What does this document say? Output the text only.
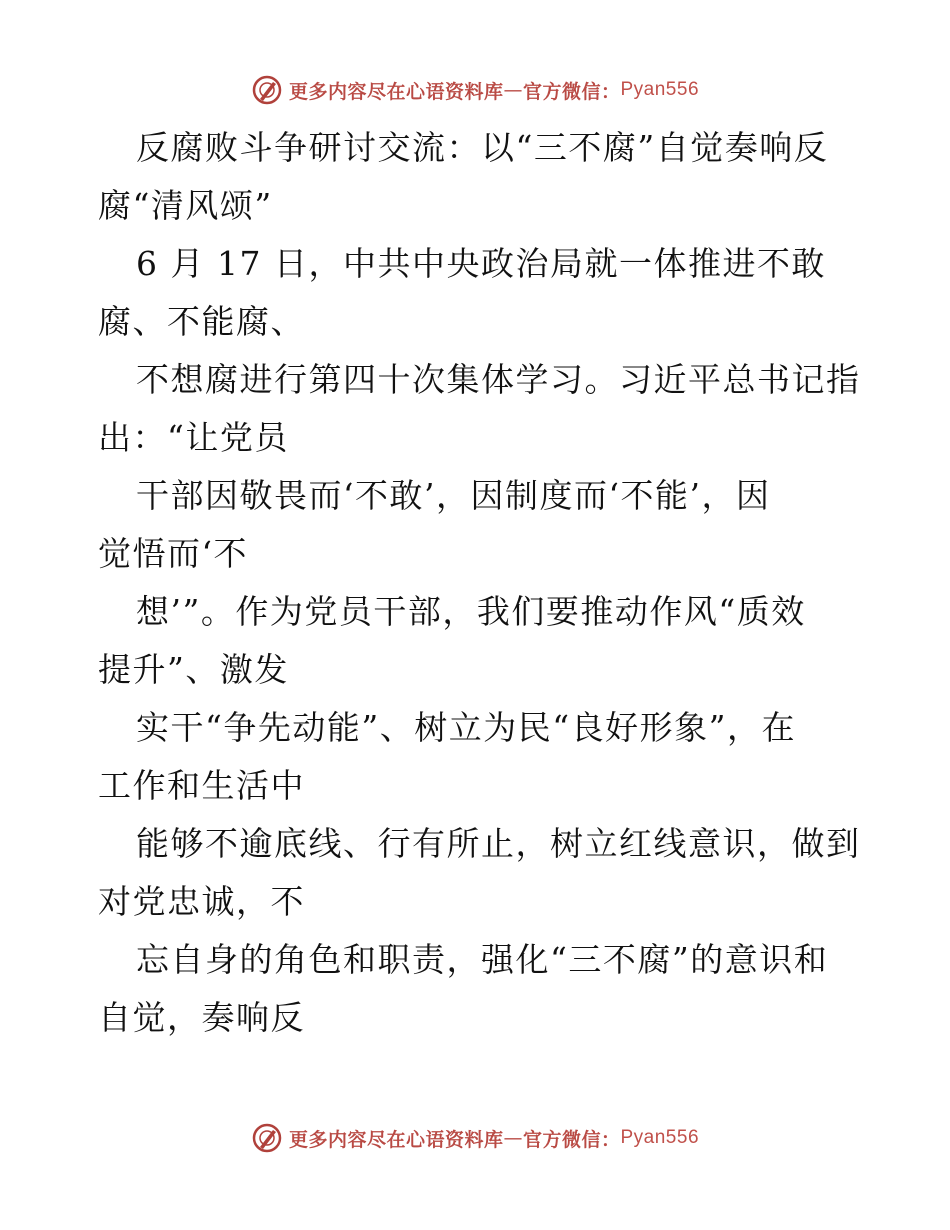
更多内容尽在心语资料库 — 官方微信： Pyan556
反腐败斗争研讨交流：以“三不腐”自觉奏响反
腐“清风颂”
6 月 17 日，中共中央政治局就一体推进不敢
腐、不能腐、
不想腐进行第四十次集体学习。习近平总书记指
出：“让党员
干部因敬畏而‘不敢’，因制度而‘不能’，因
觉悟而‘不
想’”。作为党员干部，我们要推动作风“质效
提升”、激发
实干“争先动能”、树立为民“良好形象”，在
工作和生活中
能够不逾底线、行有所止，树立红线意识，做到
对党忠诚，不
忘自身的角色和职责，强化“三不腐”的意识和
自觉，奏响反
更多内容尽在心语资料库 — 官方微信： Pyan556
